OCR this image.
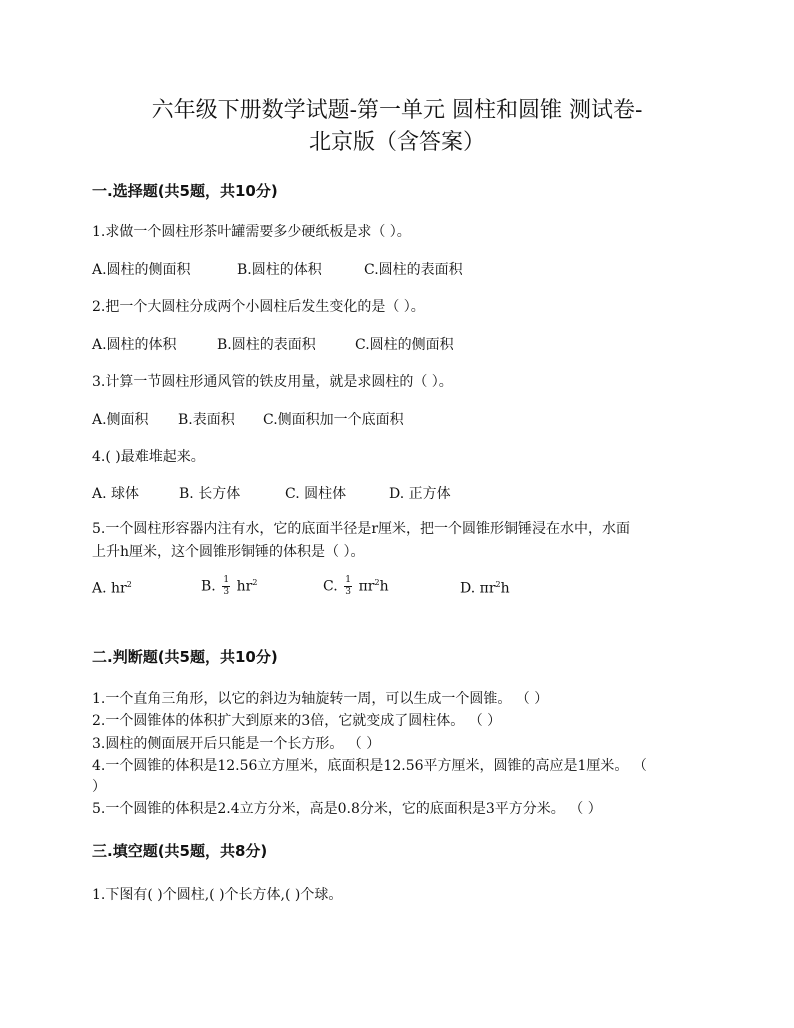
六年级下册数学试题-第一单元 圆柱和圆锥 测试卷-
北京版（含答案）
一.选择题(共5题，共10分)
1.求做一个圆柱形茶叶罐需要多少硬纸板是求（ ）。
A.圆柱的侧面积	B.圆柱的体积	C.圆柱的表面积
2.把一个大圆柱分成两个小圆柱后发生变化的是（ ）。
A.圆柱的体积	B.圆柱的表面积	C.圆柱的侧面积
3.计算一节圆柱形通风管的铁皮用量，就是求圆柱的（ ）。
A.侧面积 B.表面积 C.侧面积加一个底面积
4.( )最难堆起来。
A. 球体	B. 长方体	C. 圆柱体	D. 正方体
5.一个圆柱形容器内注有水，它的底面半径是r厘米，把一个圆锥形铜锤浸在水中，水面
上升h厘米，这个圆锥形铜锤的体积是（ ）。
A. $hr^2$	B. $\frac{1}{3} hr^2$	C. $\frac{1}{3} \pi r^2h$	D. $\pi r^2h$
二.判断题(共5题，共10分)
1.一个直角三角形，以它的斜边为轴旋转一周，可以生成一个圆锥。 （ ）
2.一个圆锥体的体积扩大到原来的3倍，它就变成了圆柱体。 （ ）
3.圆柱的侧面展开后只能是一个长方形。 （ ）
4.一个圆锥的体积是12.56立方厘米，底面积是12.56平方厘米，圆锥的高应是1厘米。 （
）
5.一个圆锥的体积是2.4立方分米，高是0.8分米，它的底面积是3平方分米。 （ ）
三.填空题(共5题，共8分)
1.下图有( )个圆柱,( )个长方体,( )个球。
